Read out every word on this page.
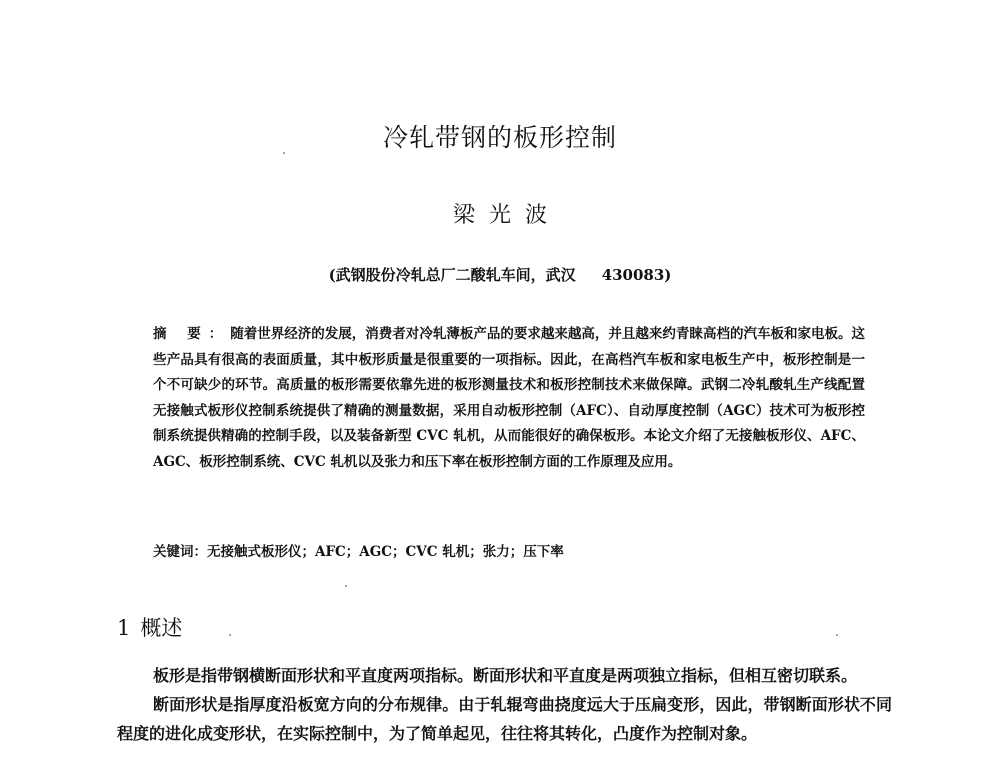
冷轧带钢的板形控制
梁光波
(武钢股份冷轧总厂二酸轧车间，武汉 430083)
摘 要：随着世界经济的发展，消费者对冷轧薄板产品的要求越来越高，并且越来约青睐高档的汽车板和家电板。这些产品具有很高的表面质量，其中板形质量是很重要的一项指标。因此，在高档汽车板和家电板生产中，板形控制是一个不可缺少的环节。高质量的板形需要依靠先进的板形测量技术和板形控制技术来做保障。武钢二冷轧酸轧生产线配置无接触式板形仪控制系统提供了精确的测量数据，采用自动板形控制（AFC）、自动厚度控制（AGC）技术可为板形控制系统提供精确的控制手段，以及装备新型 CVC 轧机，从而能很好的确保板形。本论文介绍了无接触板形仪、AFC、AGC、板形控制系统、CVC 轧机以及张力和压下率在板形控制方面的工作原理及应用。
关键词：无接触式板形仪；AFC；AGC；CVC 轧机；张力；压下率
1 概述

板形是指带钢横断面形状和平直度两项指标。断面形状和平直度是两项独立指标，但相互密切联系。

断面形状是指厚度沿板宽方向的分布规律。由于轧辊弯曲挠度远大于压扁变形，因此，带钢断面形状不同程度的进化成变形状，在实际控制中，为了简单起见，往往将其转化，凸度作为控制对象。
